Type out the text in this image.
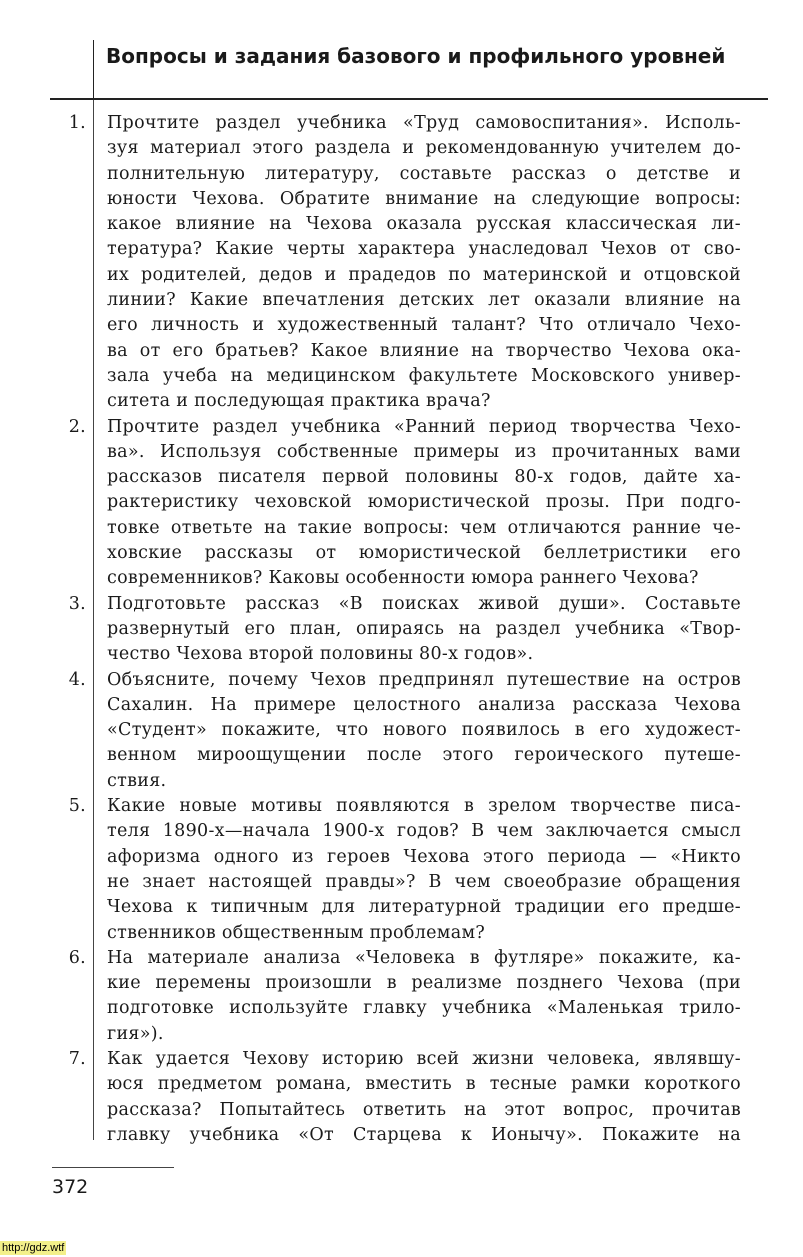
Вопросы и задания базового и профильного уровней
1. Прочтите раздел учебника «Труд самовоспитания». Исполь-
зуя материал этого раздела и рекомендованную учителем до-
полнительную литературу, составьте рассказ о детстве и
юности Чехова. Обратите внимание на следующие вопросы:
какое влияние на Чехова оказала русская классическая ли-
тература? Какие черты характера унаследовал Чехов от сво-
их родителей, дедов и прадедов по материнской и отцовской
линии? Какие впечатления детских лет оказали влияние на
его личность и художественный талант? Что отличало Чехо-
ва от его братьев? Какое влияние на творчество Чехова ока-
зала учеба на медицинском факультете Московского универ-
ситета и последующая практика врача?
2. Прочтите раздел учебника «Ранний период творчества Чехо-
ва». Используя собственные примеры из прочитанных вами
рассказов писателя первой половины 80-х годов, дайте ха-
рактеристику чеховской юмористической прозы. При подго-
товке ответьте на такие вопросы: чем отличаются ранние че-
ховские рассказы от юмористической беллетристики его
современников? Каковы особенности юмора раннего Чехова?
3. Подготовьте рассказ «В поисках живой души». Составьте
развернутый его план, опираясь на раздел учебника «Твор-
чество Чехова второй половины 80-х годов».
4. Объясните, почему Чехов предпринял путешествие на остров
Сахалин. На примере целостного анализа рассказа Чехова
«Студент» покажите, что нового появилось в его художест-
венном мироощущении после этого героического путеше-
ствия.
5. Какие новые мотивы появляются в зрелом творчестве писа-
теля 1890-х—начала 1900-х годов? В чем заключается смысл
афоризма одного из героев Чехова этого периода — «Никто
не знает настоящей правды»? В чем своеобразие обращения
Чехова к типичным для литературной традиции его предше-
ственников общественным проблемам?
6. На материале анализа «Человека в футляре» покажите, ка-
кие перемены произошли в реализме позднего Чехова (при
подготовке используйте главку учебника «Маленькая трило-
гия»).
7. Как удается Чехову историю всей жизни человека, являвшу-
юся предметом романа, вместить в тесные рамки короткого
рассказа? Попытайтесь ответить на этот вопрос, прочитав
главку учебника «От Старцева к Ионычу». Покажите на
372
http://gdz.wtf
